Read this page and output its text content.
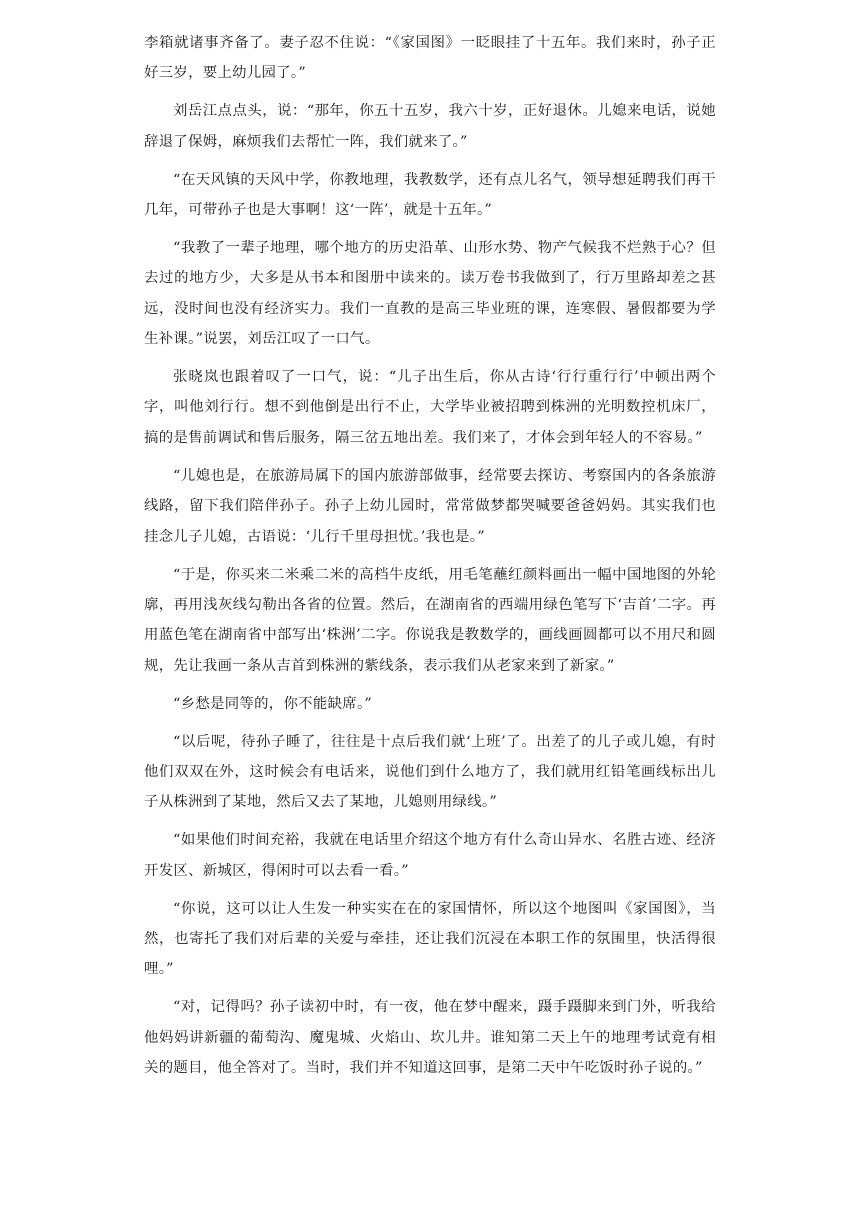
李箱就诸事齐备了。妻子忍不住说：“《家国图》一眨眼挂了十五年。我们来时，孙子正好三岁，要上幼儿园了。”

刘岳江点点头，说：“那年，你五十五岁，我六十岁，正好退休。儿媳来电话，说她辞退了保姆，麻烦我们去帮忙一阵，我们就来了。”

“在天风镇的天风中学，你教地理，我教数学，还有点儿名气，领导想延聘我们再干几年，可带孙子也是大事啊！这‘一阵’，就是十五年。”

“我教了一辈子地理，哪个地方的历史沿革、山形水势、物产气候我不烂熟于心？但去过的地方少，大多是从书本和图册中读来的。读万卷书我做到了，行万里路却差之甚远，没时间也没有经济实力。我们一直教的是高三毕业班的课，连寒假、暑假都要为学生补课。”说罢，刘岳江叹了一口气。

张晓岚也跟着叹了一口气，说：“儿子出生后，你从古诗‘行行重行行’中顿出两个字，叫他刘行行。想不到他倒是出行不止，大学毕业被招聘到株洲的光明数控机床厂，搞的是售前调试和售后服务，隔三岔五地出差。我们来了，才体会到年轻人的不容易。”

“儿媳也是，在旅游局属下的国内旅游部做事，经常要去探访、考察国内的各条旅游线路，留下我们陪伴孙子。孙子上幼儿园时，常常做梦都哭喊要爸爸妈妈。其实我们也挂念儿子儿媳，古语说：‘儿行千里母担忧。’我也是。”

“于是，你买来二米乘二米的高档牛皮纸，用毛笔蘸红颜料画出一幅中国地图的外轮廓，再用浅灰线勾勒出各省的位置。然后，在湖南省的西端用绿色笔写下‘吉首’二字。再用蓝色笔在湖南省中部写出‘株洲’二字。你说我是教数学的，画线画圆都可以不用尺和圆规，先让我画一条从吉首到株洲的紫线条，表示我们从老家来到了新家。”

“乡愁是同等的，你不能缺席。”

“以后呢，待孙子睡了，往往是十点后我们就‘上班’了。出差了的儿子或儿媳，有时他们双双在外，这时候会有电话来，说他们到什么地方了，我们就用红铅笔画线标出儿子从株洲到了某地，然后又去了某地，儿媳则用绿线。”

“如果他们时间充裕，我就在电话里介绍这个地方有什么奇山异水、名胜古迹、经济开发区、新城区，得闲时可以去看一看。”

“你说，这可以让人生发一种实实在在的家国情怀，所以这个地图叫《家国图》，当然，也寄托了我们对后辈的关爱与牵挂，还让我们沉浸在本职工作的氛围里，快活得很哩。”

“对，记得吗？孙子读初中时，有一夜，他在梦中醒来，蹑手蹑脚来到门外，听我给他妈妈讲新疆的葡萄沟、魔鬼城、火焰山、坎儿井。谁知第二天上午的地理考试竟有相关的题目，他全答对了。当时，我们并不知道这回事，是第二天中午吃饭时孙子说的。”
